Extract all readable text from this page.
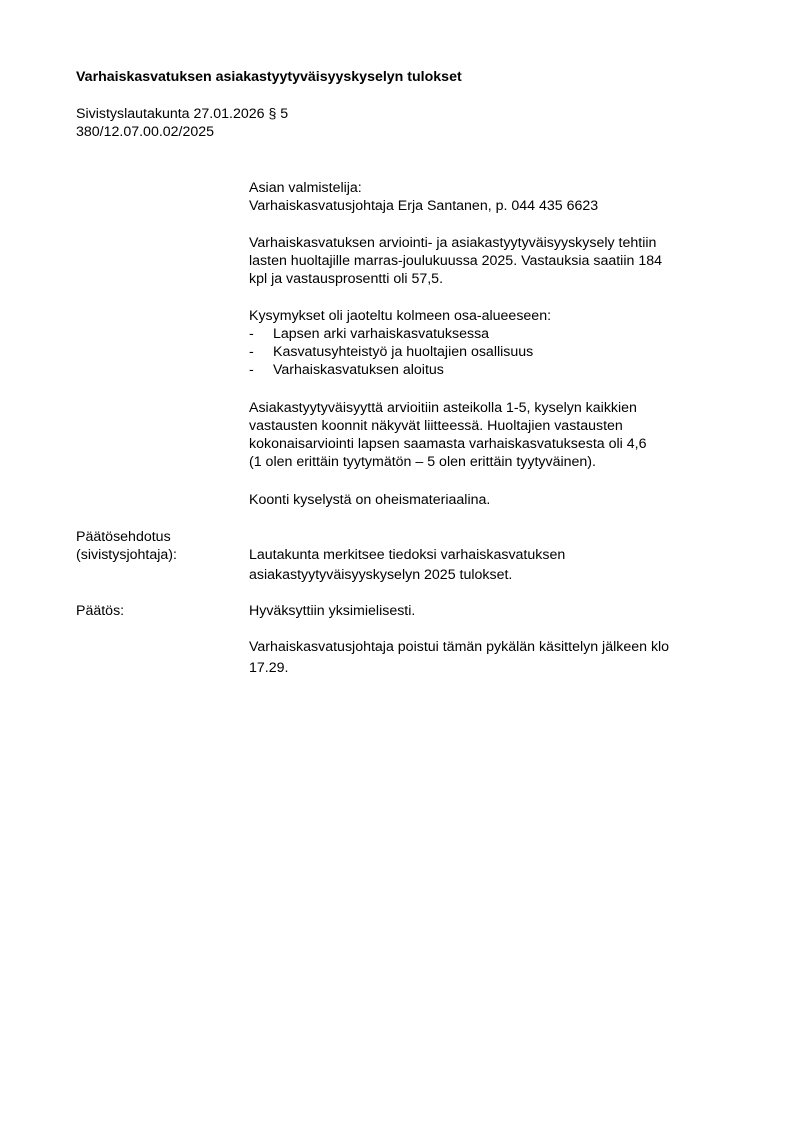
Varhaiskasvatuksen asiakastyytyväisyyskyselyn tulokset
Sivistyslautakunta 27.01.2026 § 5
380/12.07.00.02/2025
Asian valmistelija:
Varhaiskasvatusjohtaja Erja Santanen, p. 044 435 6623
Varhaiskasvatuksen arviointi- ja asiakastyytyväisyyskysely tehtiin
lasten huoltajille marras-joulukuussa 2025. Vastauksia saatiin 184
kpl ja vastausprosentti oli 57,5.
Kysymykset oli jaoteltu kolmeen osa-alueeseen:
-	Lapsen arki varhaiskasvatuksessa
-	Kasvatusyhteistyö ja huoltajien osallisuus
-	Varhaiskasvatuksen aloitus
Asiakastyytyväisyyttä arvioitiin asteikolla 1-5, kyselyn kaikkien
vastausten koonnit näkyvät liitteessä. Huoltajien vastausten
kokonaisarviointi lapsen saamasta varhaiskasvatuksesta oli 4,6
(1 olen erittäin tyytymätön – 5 olen erittäin tyytyväinen).
Koonti kyselystä on oheismateriaalina.
Päätösehdotus
(sivistysjohtaja):	Lautakunta merkitsee tiedoksi varhaiskasvatuksen
asiakastyytyväisyyskyselyn 2025 tulokset.
Päätös:	Hyväksyttiin yksimielisesti.
Varhaiskasvatusjohtaja poistui tämän pykälän käsittelyn jälkeen klo
17.29.
